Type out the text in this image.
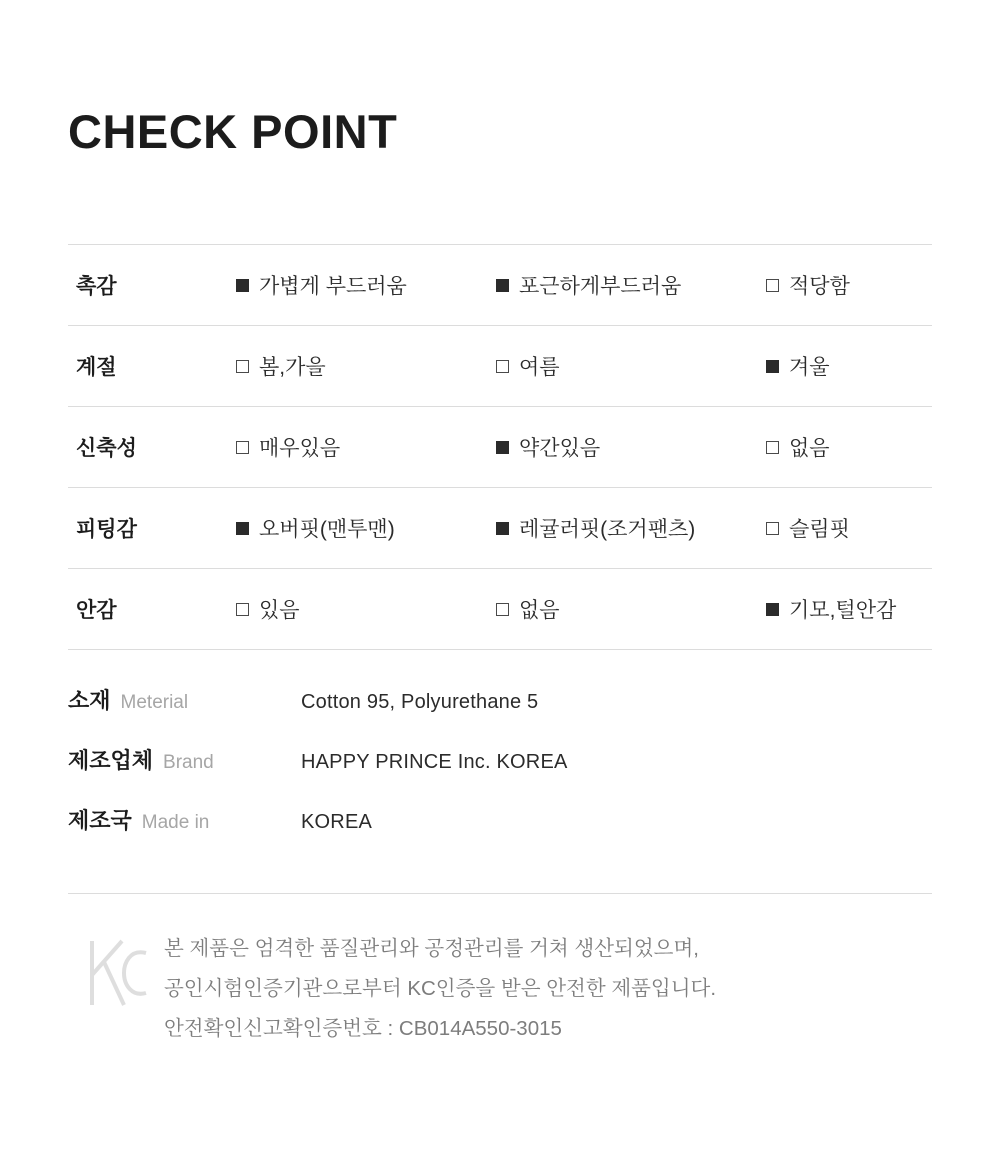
CHECK POINT
촉감	가볍게 부드러움	포근하게부드러움	적당함

계절	봄,가을	여름	겨울

신축성	매우있음	약간있음	없음

피팅감	오버핏(맨투맨)	레귤러핏(조거팬츠)	슬림핏

안감	있음	없음	기모,털안감
소재 Meterial	Cotton 95, Polyurethane 5
제조업체 Brand	HAPPY PRINCE Inc. KOREA
제조국 Made in	KOREA
본 제품은 엄격한 품질관리와 공정관리를 거쳐 생산되었으며,
공인시험인증기관으로부터 KC인증을 받은 안전한 제품입니다.
안전확인신고확인증번호 : CB014A550-3015
